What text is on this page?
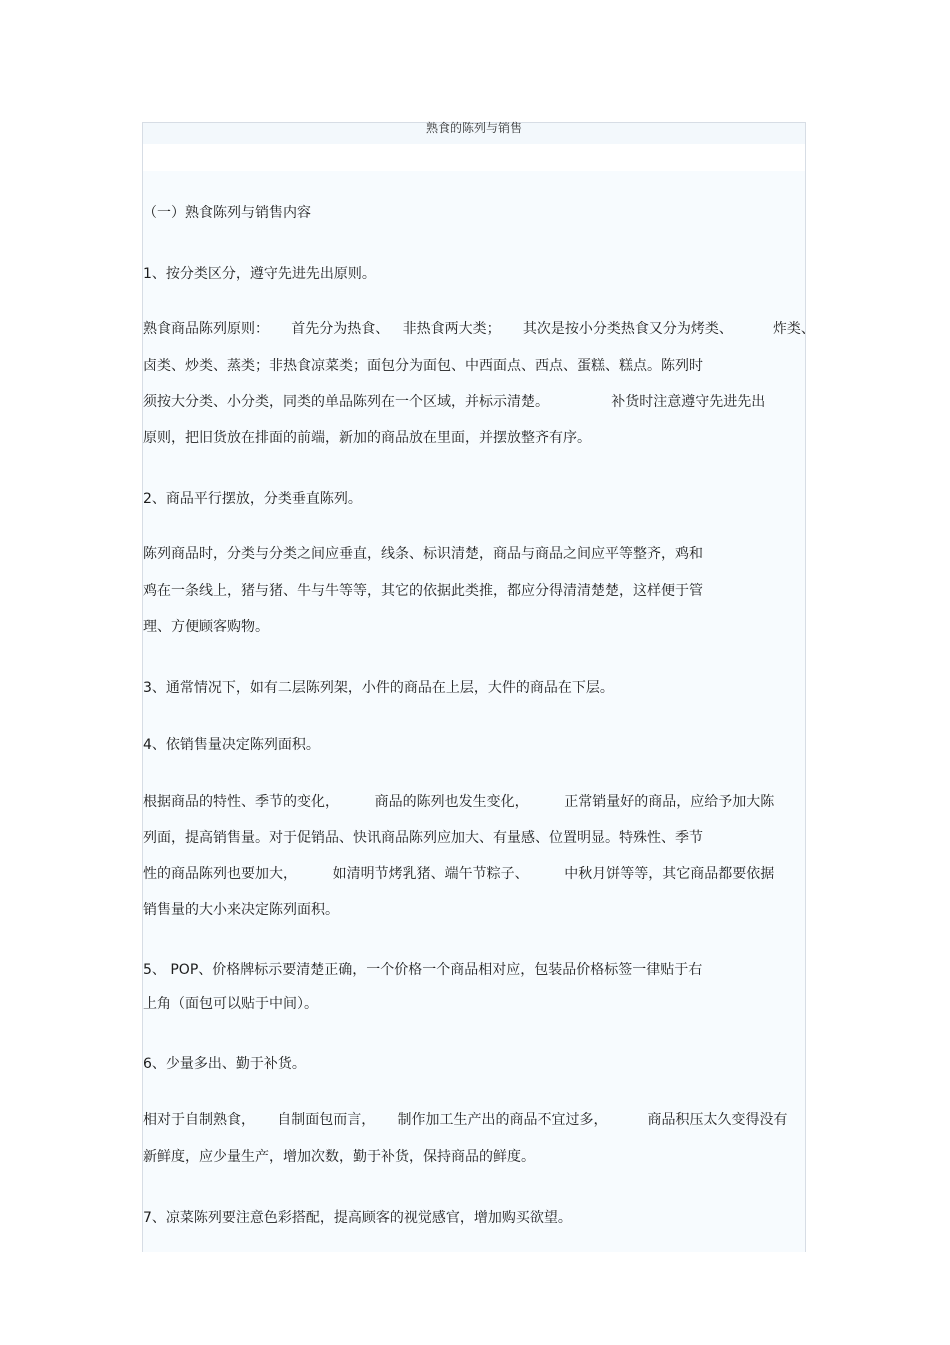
熟食的陈列与销售
（一）熟食陈列与销售内容
1、按分类区分，遵守先进先出原则。
熟食商品陈列原则：     首先分为热食、   非热食两大类；     其次是按小分类热食又分为烤类、         炸类、
卤类、炒类、蒸类；非热食凉菜类；面包分为面包、中西面点、西点、蛋糕、糕点。陈列时
须按大分类、小分类，同类的单品陈列在一个区域，并标示清楚。              补货时注意遵守先进先出
原则，把旧货放在排面的前端，新加的商品放在里面，并摆放整齐有序。
2、商品平行摆放，分类垂直陈列。
陈列商品时，分类与分类之间应垂直，线条、标识清楚，商品与商品之间应平等整齐，鸡和
鸡在一条线上，猪与猪、牛与牛等等，其它的依据此类推，都应分得清清楚楚，这样便于管
理、方便顾客购物。
3、通常情况下，如有二层陈列架，小件的商品在上层，大件的商品在下层。
4、依销售量决定陈列面积。
根据商品的特性、季节的变化，        商品的陈列也发生变化，        正常销量好的商品，应给予加大陈
列面，提高销售量。对于促销品、快讯商品陈列应加大、有量感、位置明显。特殊性、季节
性的商品陈列也要加大，        如清明节烤乳猪、端午节粽子、        中秋月饼等等，其它商品都要依据
销售量的大小来决定陈列面积。
5、 POP、价格牌标示要清楚正确，一个价格一个商品相对应，包装品价格标签一律贴于右
上角（面包可以贴于中间）。
6、少量多出、勤于补货。
相对于自制熟食，     自制面包而言，     制作加工生产出的商品不宜过多，         商品积压太久变得没有
新鲜度，应少量生产，增加次数，勤于补货，保持商品的鲜度。
7、凉菜陈列要注意色彩搭配，提高顾客的视觉感官，增加购买欲望。
